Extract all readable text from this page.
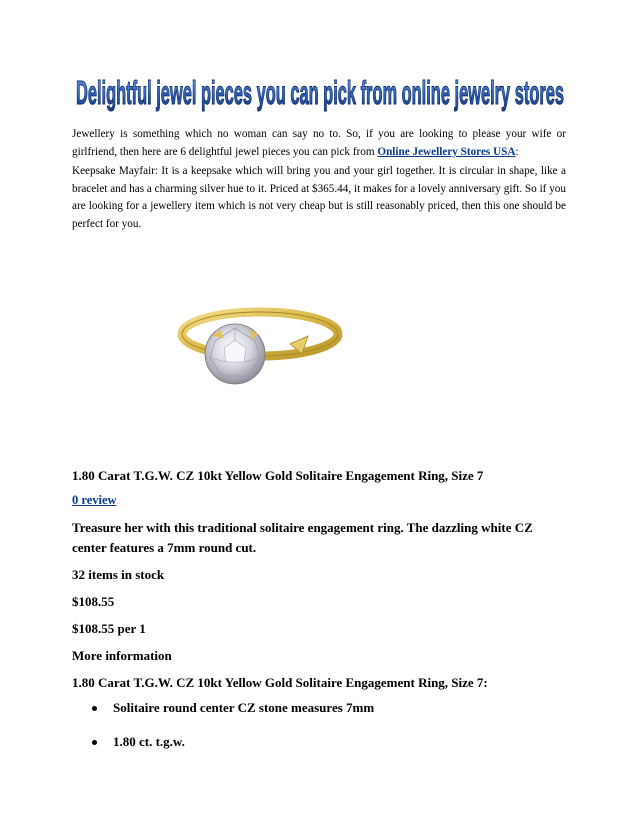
Delightful jewel pieces you can pick from online jewelry stores

Jewellery is something which no woman can say no to. So, if you are looking to please your wife or girlfriend, then here are 6 delightful jewel pieces you can pick from Online Jewellery Stores USA:

Keepsake Mayfair: It is a keepsake which will bring you and your girl together. It is circular in shape, like a bracelet and has a charming silver hue to it. Priced at $365.44, it makes for a lovely anniversary gift. So if you are looking for a jewellery item which is not very cheap but is still reasonably priced, then this one should be perfect for you.

1.80 Carat T.G.W. CZ 10kt Yellow Gold Solitaire Engagement Ring, Size 7

0 review

Treasure her with this traditional solitaire engagement ring. The dazzling white CZ center features a 7mm round cut.

32 items in stock

$108.55

$108.55 per 1

More information

1.80 Carat T.G.W. CZ 10kt Yellow Gold Solitaire Engagement Ring, Size 7:

Solitaire round center CZ stone measures 7mm
1.80 ct. t.g.w.
